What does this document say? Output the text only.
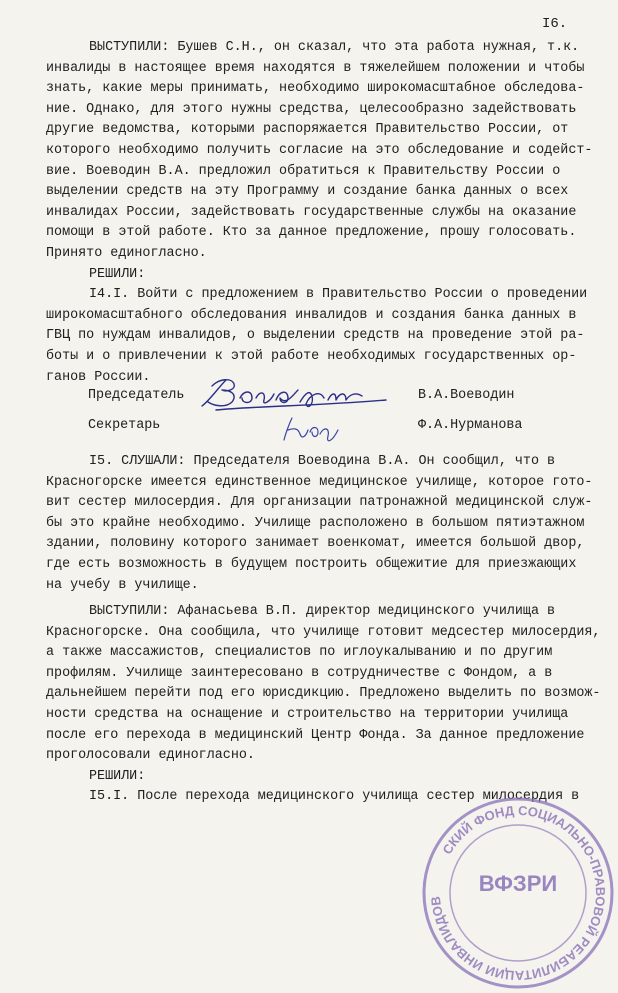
I6.
ВЫСТУПИЛИ: Бушев С.Н., он сказал, что эта работа нужная, т.к.
инвалиды в настоящее время находятся в тяжелейшем положении и чтобы
знать, какие меры принимать, необходимо широкомасштабное обследова-
ние. Однако, для этого нужны средства, целесообразно задействовать
другие ведомства, которыми распоряжается Правительство России, от
которого необходимо получить согласие на это обследование и содейст-
вие. Воеводин В.А. предложил обратиться к Правительству России о
выделении средств на эту Программу и создание банка данных о всех
инвалидах России, задействовать государственные службы на оказание
помощи в этой работе. Кто за данное предложение, прошу голосовать.
Принято единогласно.
РЕШИЛИ:
I4.I. Войти с предложением в Правительство России о проведении
широкомасштабного обследования инвалидов и создания банка данных в
ГВЦ по нуждам инвалидов, о выделении средств на проведение этой ра-
боты и о привлечении к этой работе необходимых государственных ор-
ганов России.
Председатель	В.А.Воеводин
Секретарь	Ф.А.Нурманова
I5. СЛУШАЛИ: Председателя Воеводина В.А. Он сообщил, что в
Красногорске имеется единственное медицинское училище, которое гото-
вит сестер милосердия. Для организации патронажной медицинской служ-
бы это крайне необходимо. Училище расположено в большом пятиэтажном
здании, половину которого занимает военкомат, имеется большой двор,
где есть возможность в будущем построить общежитие для приезжающих
на учебу в училище.
ВЫСТУПИЛИ: Афанасьева В.П. директор медицинского училища в
Красногорске. Она сообщила, что училище готовит медсестер милосердия,
а также массажистов, специалистов по иглоукалыванию и по другим
профилям. Училище заинтересовано в сотрудничестве с Фондом, а в
дальнейшем перейти под его юрисдикцию. Предложено выделить по возмож-
ности средства на оснащение и строительство на территории училища
после его перехода в медицинский Центр Фонда. За данное предложение
проголосовали единогласно.
РЕШИЛИ:
I5.I. После перехода медицинского училища сестер милосердия в
СКИЙ ФОНД СОЦИАЛЬНО-ПРАВОВОЙ РЕАБИЛИТАЦИИ ИНВАЛИДОВ
ВФЗРИ
